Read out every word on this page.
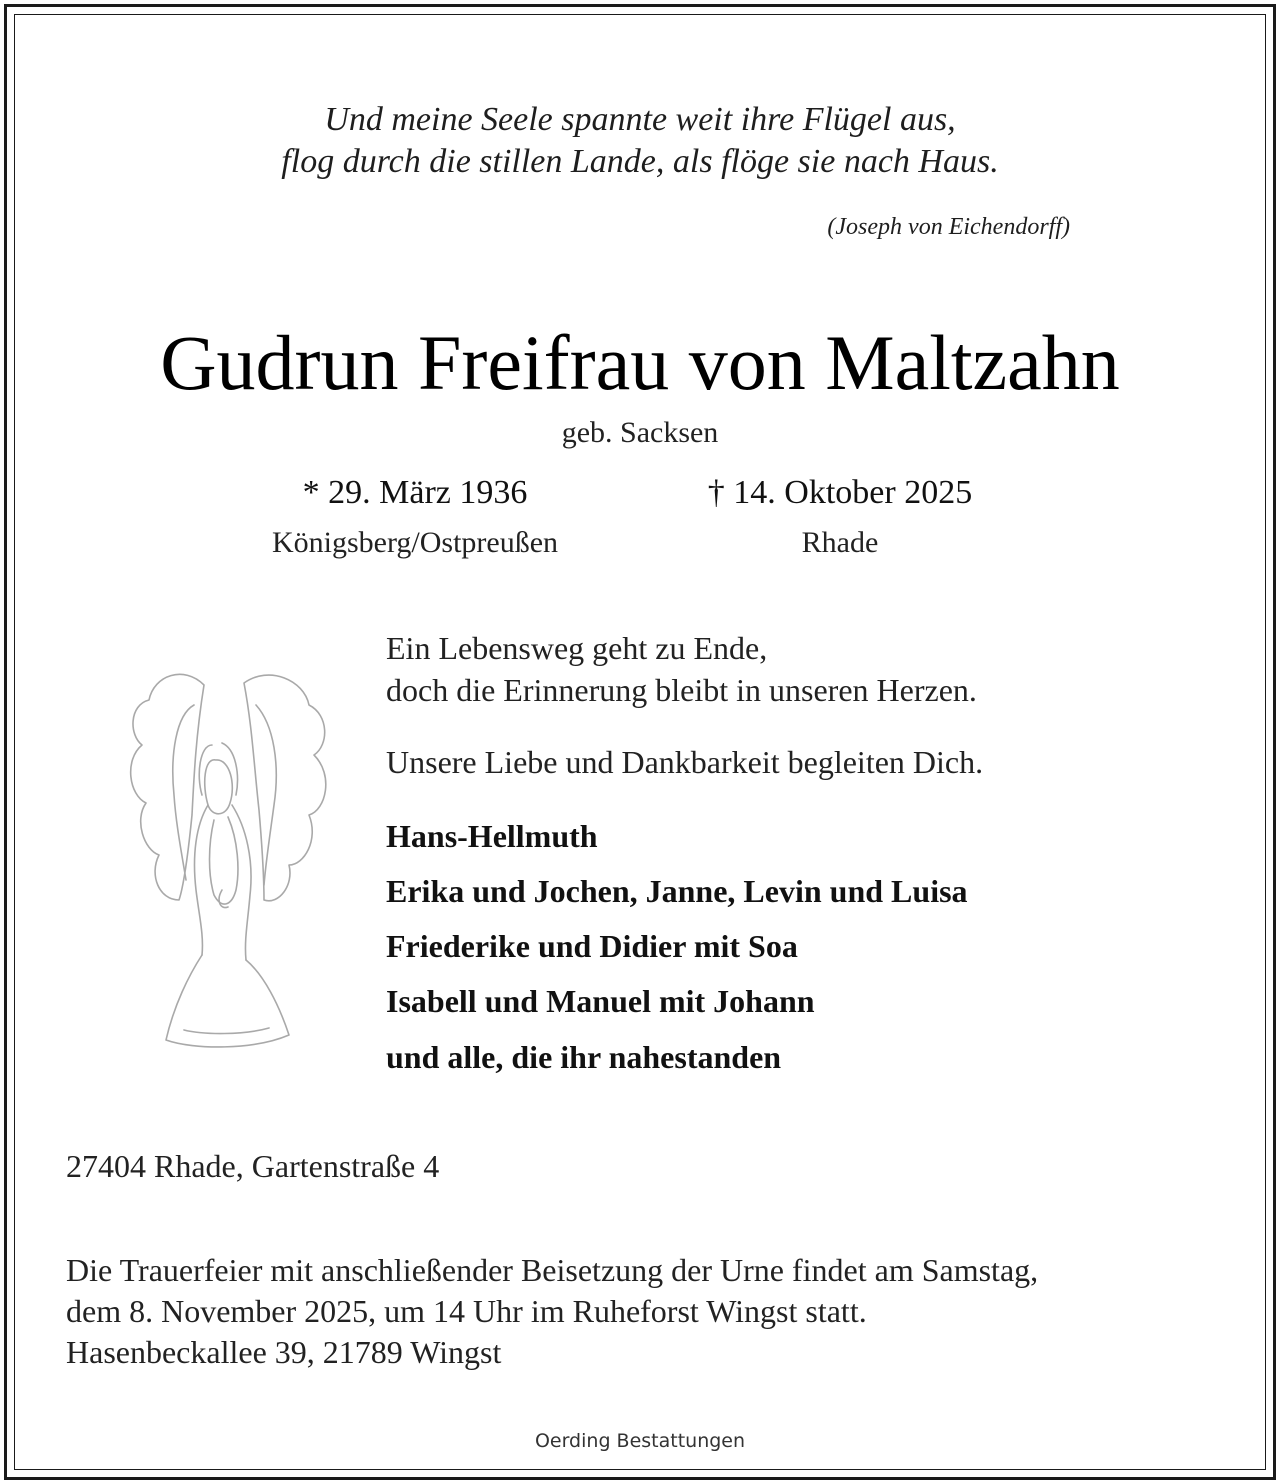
Und meine Seele spannte weit ihre Flügel aus,
flog durch die stillen Lande, als flöge sie nach Haus.
(Joseph von Eichendorff)
Gudrun Freifrau von Maltzahn
geb. Sacksen
* 29. März 1936	† 14. Oktober 2025
Königsberg/Ostpreußen	Rhade
Ein Lebensweg geht zu Ende,
doch die Erinnerung bleibt in unseren Herzen.
Unsere Liebe und Dankbarkeit begleiten Dich.
Hans-Hellmuth
Erika und Jochen, Janne, Levin und Luisa
Friederike und Didier mit Soa
Isabell und Manuel mit Johann
und alle, die ihr nahestanden
27404 Rhade, Gartenstraße 4
Die Trauerfeier mit anschließender Beisetzung der Urne findet am Samstag,
dem 8. November 2025, um 14 Uhr im Ruheforst Wingst statt.
Hasenbeckallee 39, 21789 Wingst
Oerding Bestattungen
